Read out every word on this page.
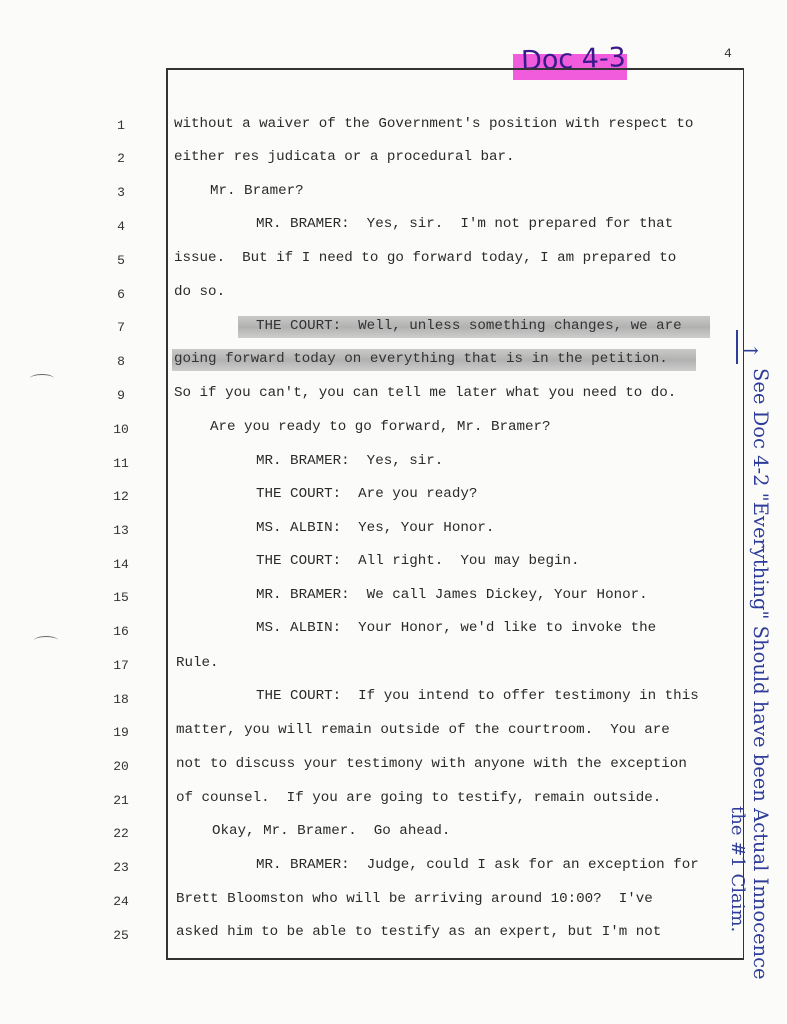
4
Doc 4-3
1
2
3
4
5
6
7
8
9
10
11
12
13
14
15
16
17
18
19
20
21
22
23
24
25
without a waiver of the Government's position with respect to
either res judicata or a procedural bar.
Mr. Bramer?
MR. BRAMER:  Yes, sir.  I'm not prepared for that
issue.  But if I need to go forward today, I am prepared to
do so.
THE COURT:  Well, unless something changes, we are
going forward today on everything that is in the petition.
So if you can't, you can tell me later what you need to do.
Are you ready to go forward, Mr. Bramer?
MR. BRAMER:  Yes, sir.
THE COURT:  Are you ready?
MS. ALBIN:  Yes, Your Honor.
THE COURT:  All right.  You may begin.
MR. BRAMER:  We call James Dickey, Your Honor.
MS. ALBIN:  Your Honor, we'd like to invoke the
Rule.
THE COURT:  If you intend to offer testimony in this
matter, you will remain outside of the courtroom.  You are
not to discuss your testimony with anyone with the exception
of counsel.  If you are going to testify, remain outside.
Okay, Mr. Bramer.  Go ahead.
MR. BRAMER:  Judge, could I ask for an exception for
Brett Bloomston who will be arriving around 10:00?  I've
asked him to be able to testify as an expert, but I'm not
→
See Doc 4-2 "Everything" Should have been Actual Innocence
the #1 Claim.
